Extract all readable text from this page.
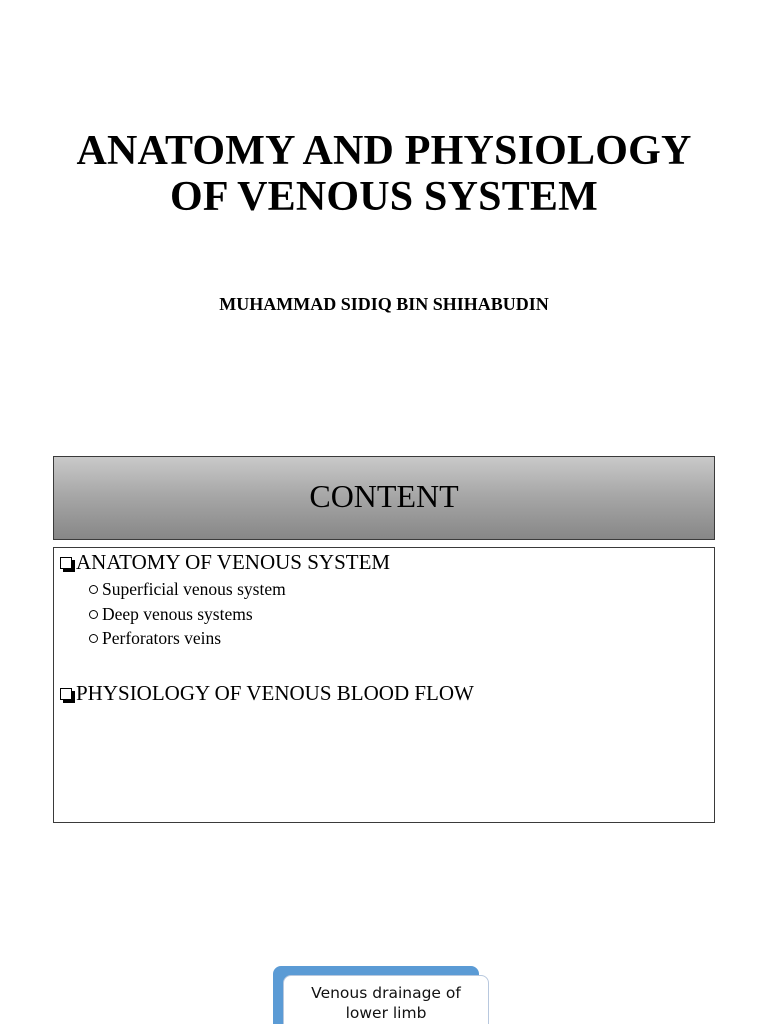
ANATOMY AND PHYSIOLOGY
OF VENOUS SYSTEM
MUHAMMAD SIDIQ BIN SHIHABUDIN
CONTENT
ANATOMY OF VENOUS SYSTEM
Superficial venous system
Deep venous systems
Perforators veins
PHYSIOLOGY OF VENOUS BLOOD FLOW
Venous drainage of
lower limb
